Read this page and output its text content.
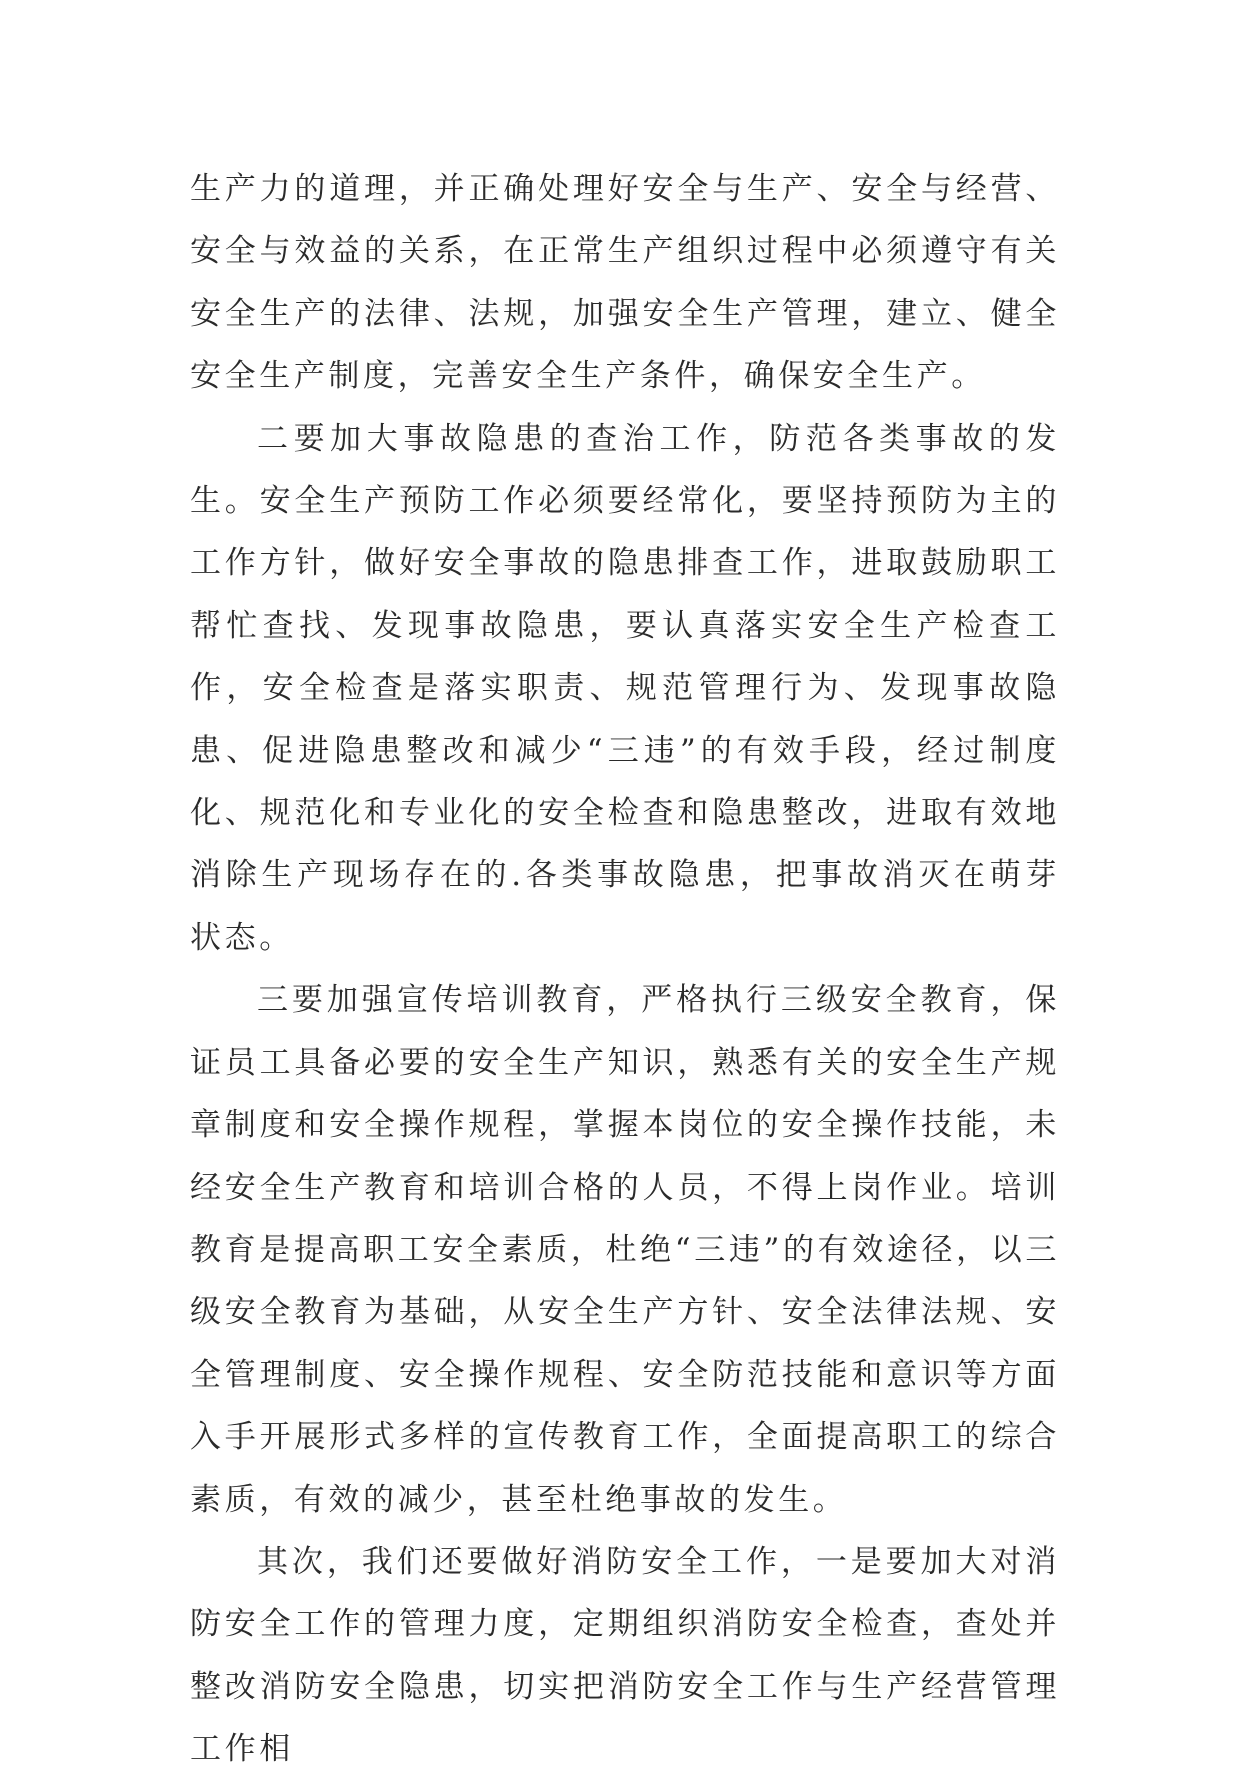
生产力的道理，并正确处理好安全与生产、安全与经营、安全与效益的关系，在正常生产组织过程中必须遵守有关安全生产的法律、法规，加强安全生产管理，建立、健全安全生产制度，完善安全生产条件，确保安全生产。

二要加大事故隐患的查治工作，防范各类事故的发生。安全生产预防工作必须要经常化，要坚持预防为主的工作方针，做好安全事故的隐患排查工作，进取鼓励职工帮忙查找、发现事故隐患，要认真落实安全生产检查工作，安全检查是落实职责、规范管理行为、发现事故隐患、促进隐患整改和减少“三违”的有效手段，经过制度化、规范化和专业化的安全检查和隐患整改，进取有效地消除生产现场存在的.各类事故隐患，把事故消灭在萌芽状态。

三要加强宣传培训教育，严格执行三级安全教育，保证员工具备必要的安全生产知识，熟悉有关的安全生产规章制度和安全操作规程，掌握本岗位的安全操作技能，未经安全生产教育和培训合格的人员，不得上岗作业。培训教育是提高职工安全素质，杜绝“三违”的有效途径，以三级安全教育为基础，从安全生产方针、安全法律法规、安全管理制度、安全操作规程、安全防范技能和意识等方面入手开展形式多样的宣传教育工作，全面提高职工的综合素质，有效的减少，甚至杜绝事故的发生。

其次，我们还要做好消防安全工作，一是要加大对消防安全工作的管理力度，定期组织消防安全检查，查处并整改消防安全隐患，切实把消防安全工作与生产经营管理工作相
